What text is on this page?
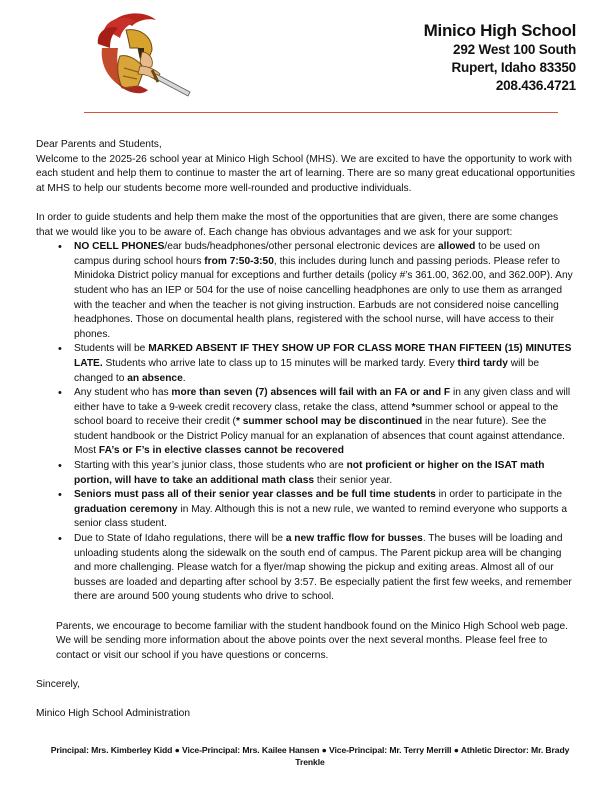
Minico High School
292 West 100 South
Rupert, Idaho 83350
208.436.4721

Dear Parents and Students,

Welcome to the 2025-26 school year at Minico High School (MHS). We are excited to have the opportunity to work with each student and help them to continue to master the art of learning. There are so many great educational opportunities at MHS to help our students become more well-rounded and productive individuals.

In order to guide students and help them make the most of the opportunities that are given, there are some changes that we would like you to be aware of. Each change has obvious advantages and we ask for your support:

• NO CELL PHONES/ear buds/headphones/other personal electronic devices are allowed to be used on campus during school hours from 7:50-3:50, this includes during lunch and passing periods. Please refer to Minidoka District policy manual for exceptions and further details (policy #’s 361.00, 362.00, and 362.00P). Any student who has an IEP or 504 for the use of noise cancelling headphones are only to use them as arranged with the teacher and when the teacher is not giving instruction. Earbuds are not considered noise cancelling headphones. Those on documental health plans, registered with the school nurse, will have access to their phones.
• Students will be MARKED ABSENT IF THEY SHOW UP FOR CLASS MORE THAN FIFTEEN (15) MINUTES LATE. Students who arrive late to class up to 15 minutes will be marked tardy. Every third tardy will be changed to an absence.
• Any student who has more than seven (7) absences will fail with an FA or and F in any given class and will either have to take a 9-week credit recovery class, retake the class, attend *summer school or appeal to the school board to receive their credit (* summer school may be discontinued in the near future). See the student handbook or the District Policy manual for an explanation of absences that count against attendance. Most FA’s or F’s in elective classes cannot be recovered
• Starting with this year’s junior class, those students who are not proficient or higher on the ISAT math portion, will have to take an additional math class their senior year.
• Seniors must pass all of their senior year classes and be full time students in order to participate in the graduation ceremony in May. Although this is not a new rule, we wanted to remind everyone who supports a senior class student.
• Due to State of Idaho regulations, there will be a new traffic flow for busses. The buses will be loading and unloading students along the sidewalk on the south end of campus. The Parent pickup area will be changing and more challenging. Please watch for a flyer/map showing the pickup and exiting areas. Almost all of our busses are loaded and departing after school by 3:57. Be especially patient the first few weeks, and remember there are around 500 young students who drive to school.

Parents, we encourage to become familiar with the student handbook found on the Minico High School web page. We will be sending more information about the above points over the next several months. Please feel free to contact or visit our school if you have questions or concerns.

Sincerely,

Minico High School Administration

Principal: Mrs. Kimberley Kidd ● Vice-Principal: Mrs. Kailee Hansen ● Vice-Principal: Mr. Terry Merrill ● Athletic Director: Mr. Brady Trenkle
